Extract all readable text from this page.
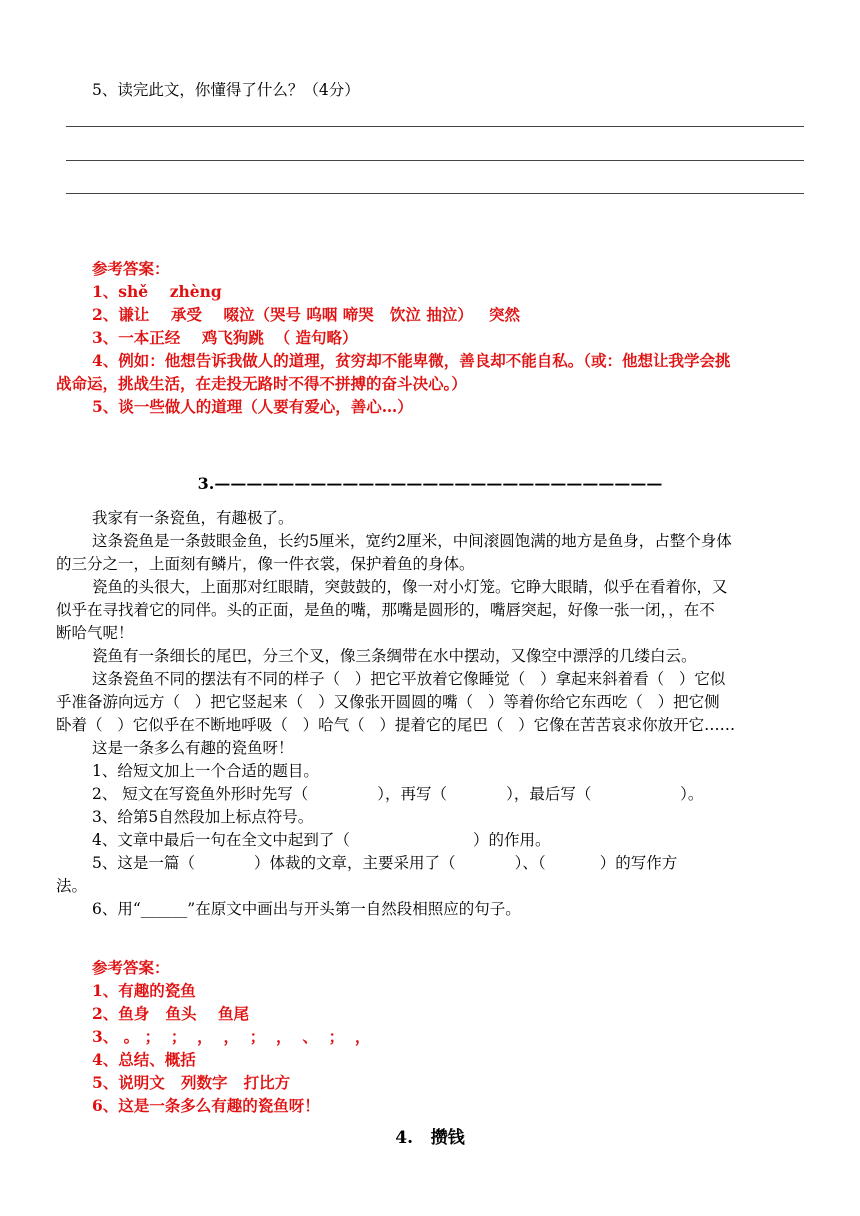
5、读完此文，你懂得了什么？（4分）
参考答案：
1、shě    zhèng
2、谦让    承受    啜泣（哭号 呜咽 啼哭   饮泣 抽泣）   突然
3、一本正经    鸡飞狗跳  （ 造句略）
4、例如：他想告诉我做人的道理，贫穷却不能卑微，善良却不能自私。（或：他想让我学会挑
战命运，挑战生活，在走投无路时不得不拼搏的奋斗决心。）
5、谈一些做人的道理（人要有爱心，善心…）
3.————————————————————————————
我家有一条瓷鱼，有趣极了。
这条瓷鱼是一条鼓眼金鱼，长约5厘米，宽约2厘米，中间滚圆饱满的地方是鱼身，占整个身体
的三分之一，上面刻有鳞片，像一件衣裳，保护着鱼的身体。
瓷鱼的头很大，上面那对红眼睛，突鼓鼓的，像一对小灯笼。它睁大眼睛，似乎在看着你，又
似乎在寻找着它的同伴。头的正面，是鱼的嘴，那嘴是圆形的，嘴唇突起，好像一张一闭，，在不
断哈气呢！
瓷鱼有一条细长的尾巴，分三个叉，像三条绸带在水中摆动，又像空中漂浮的几缕白云。
这条瓷鱼不同的摆法有不同的样子（   ）把它平放着它像睡觉（   ）拿起来斜着看（   ）它似
乎准备游向远方（   ）把它竖起来（   ）又像张开圆圆的嘴（   ）等着你给它东西吃（   ）把它侧
卧着（   ）它似乎在不断地呼吸（   ）哈气（   ）提着它的尾巴（   ）它像在苦苦哀求你放开它……
这是一条多么有趣的瓷鱼呀！
1、给短文加上一个合适的题目。
2、 短文在写瓷鱼外形时先写（              ），再写（            ），最后写（                  ）。
3、给第5自然段加上标点符号。
4、文章中最后一句在全文中起到了（                         ）的作用。
5、这是一篇（            ）体裁的文章，主要采用了（            ）、（           ）的写作方
法。
6、用“______”在原文中画出与开头第一自然段相照应的句子。
参考答案：
1、有趣的瓷鱼
2、鱼身   鱼头    鱼尾
3、 。 ；  ；  ，  ，  ；  ，  、  ；  ，
4、总结、概括
5、说明文   列数字   打比方
6、这是一条多么有趣的瓷鱼呀！
4.   攒钱
